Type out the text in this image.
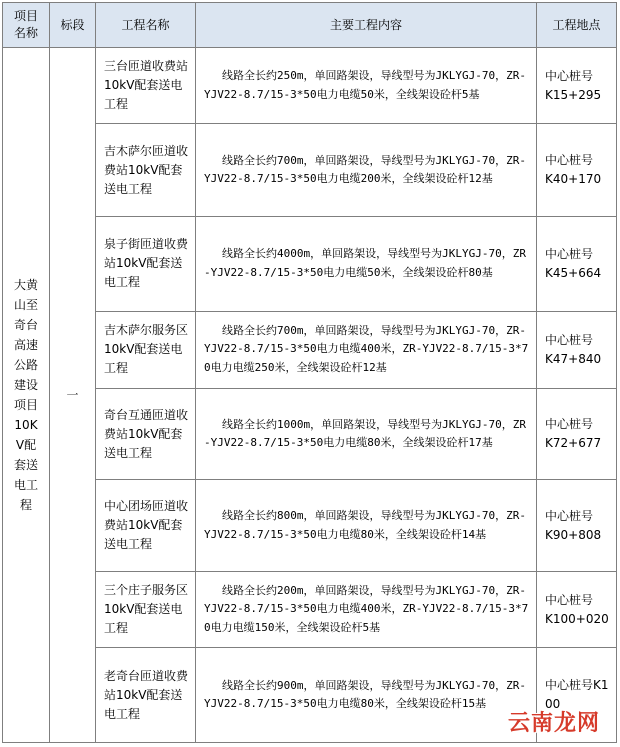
项目名称	标段	工程名称	主要工程内容	工程地点
大黄山至奇台高速公路建设项目10KV配套送电工程	一	三台匝道收费站10kV配套送电工程	线路全长约250m，单回路架设，导线型号为JKLYGJ-70，ZR-YJV22-8.7/15-3*50电力电缆50米，全线架设砼杆5基	中心桩号K15+295
		吉木萨尔匝道收费站10kV配套送电工程	线路全长约700m，单回路架设，导线型号为JKLYGJ-70，ZR-YJV22-8.7/15-3*50电力电缆200米，全线架设砼杆12基	中心桩号K40+170
		泉子街匝道收费站10kV配套送电工程	线路全长约4000m，单回路架设，导线型号为JKLYGJ-70，ZR-YJV22-8.7/15-3*50电力电缆50米，全线架设砼杆80基	中心桩号K45+664
		吉木萨尔服务区10kV配套送电工程	线路全长约700m，单回路架设，导线型号为JKLYGJ-70，ZR-YJV22-8.7/15-3*50电力电缆400米，ZR-YJV22-8.7/15-3*70电力电缆250米，全线架设砼杆12基	中心桩号K47+840
		奇台互通匝道收费站10kV配套送电工程	线路全长约1000m，单回路架设，导线型号为JKLYGJ-70，ZR-YJV22-8.7/15-3*50电力电缆80米，全线架设砼杆17基	中心桩号K72+677
		中心团场匝道收费站10kV配套送电工程	线路全长约800m，单回路架设，导线型号为JKLYGJ-70，ZR-YJV22-8.7/15-3*50电力电缆80米，全线架设砼杆14基	中心桩号K90+808
		三个庄子服务区10kV配套送电工程	线路全长约200m，单回路架设，导线型号为JKLYGJ-70，ZR-YJV22-8.7/15-3*50电力电缆400米，ZR-YJV22-8.7/15-3*70电力电缆150米，全线架设砼杆5基	中心桩号K100+020
		老奇台匝道收费站10kV配套送电工程	线路全长约900m，单回路架设，导线型号为JKLYGJ-70，ZR-YJV22-8.7/15-3*50电力电缆80米，全线架设砼杆15基	中心桩号K1 00
云南龙网
